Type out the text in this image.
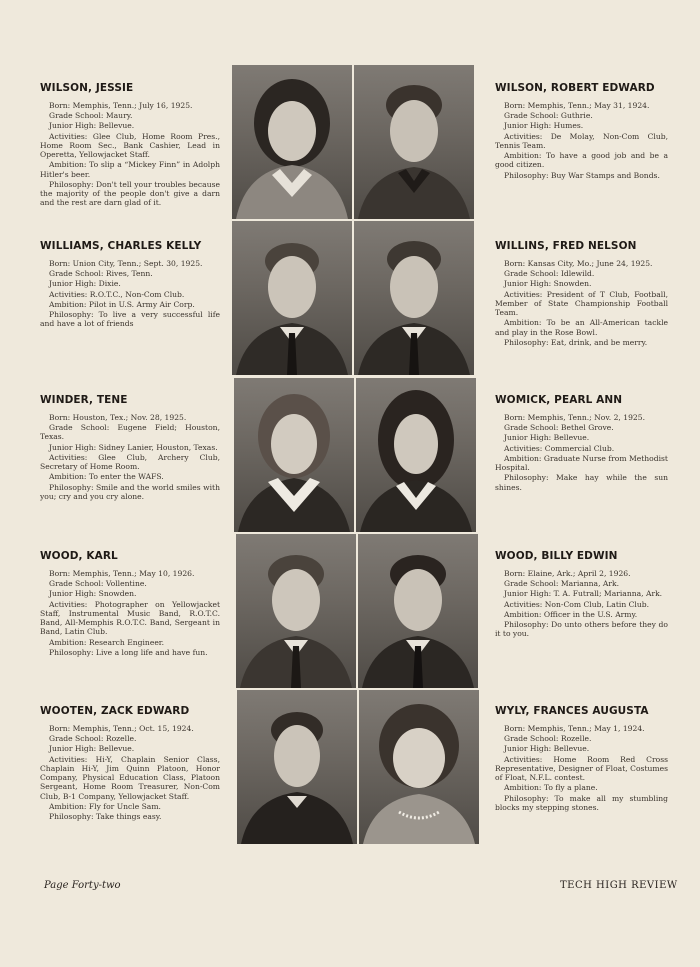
WILSON, JESSIE
Born: Memphis, Tenn.; July 16, 1925.
Grade School: Maury.
Junior High: Bellevue.
Activities: Glee Club, Home Room Pres., Home Room Sec., Bank Cashier, Lead in Operetta, Yellowjacket Staff.
Ambition: To slip a “Mickey Finn” in Adolph Hitler's beer.
Philosophy: Don't tell your troubles because the majority of the people don't give a darn and the rest are darn glad of it.
WILSON, ROBERT EDWARD
Born: Memphis, Tenn.; May 31, 1924.
Grade School: Guthrie.
Junior High: Humes.
Activities: De Molay, Non-Com Club, Tennis Team.
Ambition: To have a good job and be a good citizen.
Philosophy: Buy War Stamps and Bonds.
WILLIAMS, CHARLES KELLY
Born: Union City, Tenn.; Sept. 30, 1925.
Grade School: Rives, Tenn.
Junior High: Dixie.
Activities: R.O.T.C., Non-Com Club.
Ambition: Pilot in U.S. Army Air Corp.
Philosophy: To live a very successful life and have a lot of friends
WILLINS, FRED NELSON
Born: Kansas City, Mo.; June 24, 1925.
Grade School: Idlewild.
Junior High: Snowden.
Activities: President of T Club, Football, Member of State Championship Football Team.
Ambition: To be an All-American tackle and play in the Rose Bowl.
Philosophy: Eat, drink, and be merry.
WINDER, TENE
Born: Houston, Tex.; Nov. 28, 1925.
Grade School: Eugene Field; Houston, Texas.
Junior High: Sidney Lanier, Houston, Texas.
Activities: Glee Club, Archery Club, Secretary of Home Room.
Ambition: To enter the WAFS.
Philosophy: Smile and the world smiles with you; cry and you cry alone.
WOMICK, PEARL ANN
Born: Memphis, Tenn.; Nov. 2, 1925.
Grade School: Bethel Grove.
Junior High: Bellevue.
Activities: Commercial Club.
Ambition: Graduate Nurse from Methodist Hospital.
Philosophy: Make hay while the sun shines.
WOOD, KARL
Born: Memphis, Tenn.; May 10, 1926.
Grade School: Vollentine.
Junior High: Snowden.
Activities: Photographer on Yellowjacket Staff, Instrumental Music Band, R.O.T.C. Band, All-Memphis R.O.T.C. Band, Sergeant in Band, Latin Club.
Ambition: Research Engineer.
Philosophy: Live a long life and have fun.
WOOD, BILLY EDWIN
Born: Elaine, Ark.; April 2, 1926.
Grade School: Marianna, Ark.
Junior High: T. A. Futrall; Marianna, Ark.
Activities: Non-Com Club, Latin Club.
Ambition: Officer in the U.S. Army.
Philosophy: Do unto others before they do it to you.
WOOTEN, ZACK EDWARD
Born: Memphis, Tenn.; Oct. 15, 1924.
Grade School: Rozelle.
Junior High: Bellevue.
Activities: Hi-Y, Chaplain Senior Class, Chaplain Hi-Y, Jim Quinn Platoon, Honor Company, Physical Education Class, Platoon Sergeant, Home Room Treasurer, Non-Com Club, B-1 Company, Yellowjacket Staff.
Ambition: Fly for Uncle Sam.
Philosophy: Take things easy.
WYLY, FRANCES AUGUSTA
Born: Memphis, Tenn.; May 1, 1924.
Grade School: Rozelle.
Junior High: Bellevue.
Activities: Home Room Red Cross Representative, Designer of Float, Costumes of Float, N.F.L. contest.
Ambition: To fly a plane.
Philosophy: To make all my stumbling blocks my stepping stones.
Page Forty-two	TECH HIGH REVIEW
